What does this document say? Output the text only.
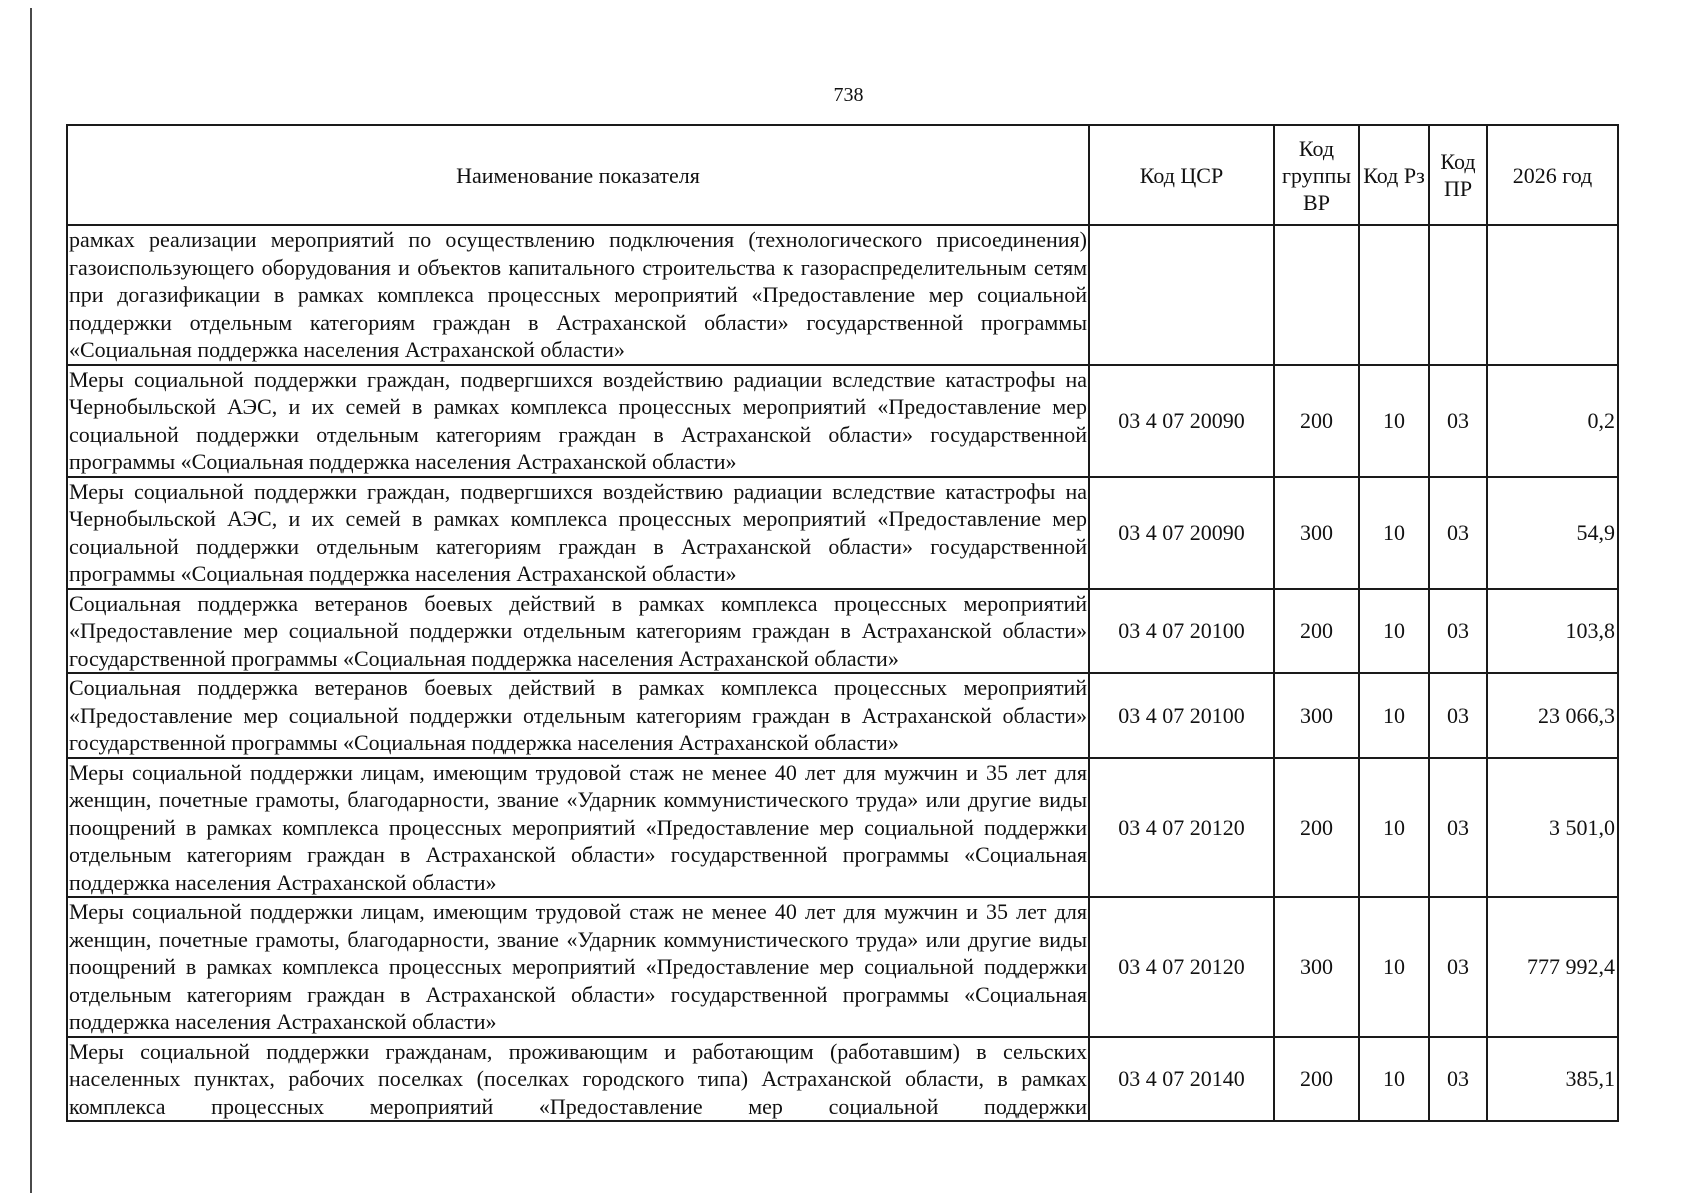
738
Наименование показателя	Код ЦСР	Код группы ВР	Код Рз	Код ПР	2026 год
рамках реализации мероприятий по осуществлению подключения (технологического присоединения) газоиспользующего оборудования и объектов капитального строительства к газораспределительным сетям при догазификации в рамках комплекса процессных мероприятий «Предоставление мер социальной поддержки отдельным категориям граждан в Астраханской области» государственной программы «Социальная поддержка населения Астраханской области»					
Меры социальной поддержки граждан, подвергшихся воздействию радиации вследствие катастрофы на Чернобыльской АЭС, и их семей в рамках комплекса процессных мероприятий «Предоставление мер социальной поддержки отдельным категориям граждан в Астраханской области» государственной программы «Социальная поддержка населения Астраханской области»	03 4 07 20090	200	10	03	0,2
Меры социальной поддержки граждан, подвергшихся воздействию радиации вследствие катастрофы на Чернобыльской АЭС, и их семей в рамках комплекса процессных мероприятий «Предоставление мер социальной поддержки отдельным категориям граждан в Астраханской области» государственной программы «Социальная поддержка населения Астраханской области»	03 4 07 20090	300	10	03	54,9
Социальная поддержка ветеранов боевых действий в рамках комплекса процессных мероприятий «Предоставление мер социальной поддержки отдельным категориям граждан в Астраханской области» государственной программы «Социальная поддержка населения Астраханской области»	03 4 07 20100	200	10	03	103,8
Социальная поддержка ветеранов боевых действий в рамках комплекса процессных мероприятий «Предоставление мер социальной поддержки отдельным категориям граждан в Астраханской области» государственной программы «Социальная поддержка населения Астраханской области»	03 4 07 20100	300	10	03	23 066,3
Меры социальной поддержки лицам, имеющим трудовой стаж не менее 40 лет для мужчин и 35 лет для женщин, почетные грамоты, благодарности, звание «Ударник коммунистического труда» или другие виды поощрений в рамках комплекса процессных мероприятий «Предоставление мер социальной поддержки отдельным категориям граждан в Астраханской области» государственной программы «Социальная поддержка населения Астраханской области»	03 4 07 20120	200	10	03	3 501,0
Меры социальной поддержки лицам, имеющим трудовой стаж не менее 40 лет для мужчин и 35 лет для женщин, почетные грамоты, благодарности, звание «Ударник коммунистического труда» или другие виды поощрений в рамках комплекса процессных мероприятий «Предоставление мер социальной поддержки отдельным категориям граждан в Астраханской области» государственной программы «Социальная поддержка населения Астраханской области»	03 4 07 20120	300	10	03	777 992,4
Меры социальной поддержки гражданам, проживающим и работающим (работавшим) в сельских населенных пунктах, рабочих поселках (поселках городского типа) Астраханской области, в рамках комплекса процессных мероприятий «Предоставление мер социальной поддержки	03 4 07 20140	200	10	03	385,1
